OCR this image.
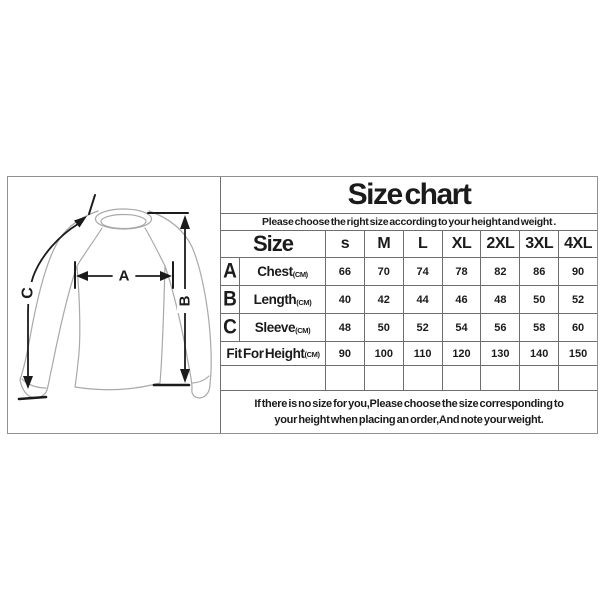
C
A
B
Size chart
Please choose the right size according to your height and weight .
Size	s	M	L	XL 2XL 3XL 4XL
A Chest (CM)	66	70	74	78	82	86	90
B Length (CM)	40	42	44	46	48	50	52
C Sleeve (CM)	48	50	52	54	56	58	60
Fit For Height (CM)	90	100	110	120	130	140	150
If there is no size for you,Please choose the size corresponding to
your height when placing an order,And note your weight.
